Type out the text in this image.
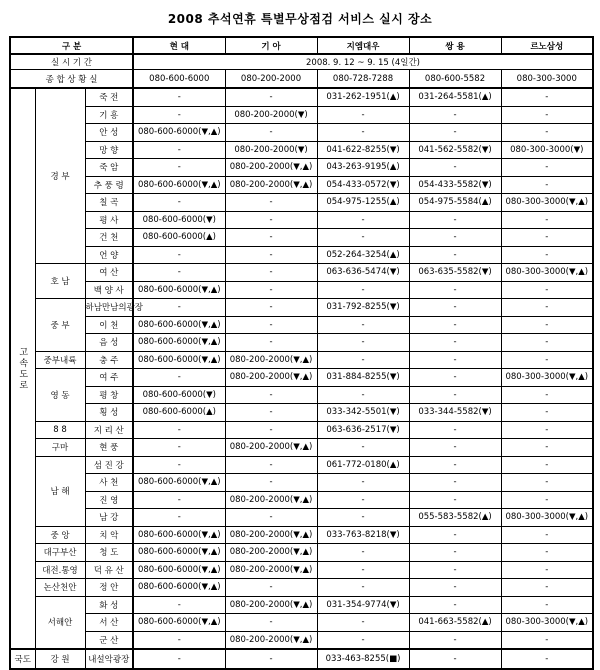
2008 추석연휴 특별무상점검 서비스 실시 장소
구 분			현 대	기 아	지엠대우	쌍 용	르노삼성
실 시 기 간			2008. 9. 12 ~ 9. 15 (4일간)				
종 합 상 황 실			080-600-6000	080-200-2000	080-728-7288	080-600-5582	080-300-3000
고속도로	경 부	죽 전	-	-	031-262-1951(▲)	031-264-5581(▲)	-
		기 흥	-	080-200-2000(▼)	-	-	-
		안 성	080-600-6000(▼,▲)	-	-	-	-
		망 향	-	080-200-2000(▼)	041-622-8255(▼)	041-562-5582(▼)	080-300-3000(▼)
		죽 암	-	080-200-2000(▼,▲)	043-263-9195(▲)	-	-
		추 풍 령	080-600-6000(▼,▲)	080-200-2000(▼,▲)	054-433-0572(▼)	054-433-5582(▼)	-
		칠 곡	-	-	054-975-1255(▲)	054-975-5584(▲)	080-300-3000(▼,▲)
		평 사	080-600-6000(▼)	-	-	-	-
		건 천	080-600-6000(▲)	-	-	-	-
		언 양	-	-	052-264-3254(▲)	-	-
	호 남	여 산	-	-	063-636-5474(▼)	063-635-5582(▼)	080-300-3000(▼,▲)
		백 양 사	080-600-6000(▼,▲)	-	-	-	-
	중 부	하남만남의광장	-	-	031-792-8255(▼)	-	-
		이 천	080-600-6000(▼,▲)	-	-	-	-
		음 성	080-600-6000(▼,▲)	-	-	-	-
	중부내륙	충 주	080-600-6000(▼,▲)	080-200-2000(▼,▲)	-	-	-
	영 동	여 주	-	080-200-2000(▼,▲)	031-884-8255(▼)	-	080-300-3000(▼,▲)
		평 창	080-600-6000(▼)	-	-	-	-
		횡 성	080-600-6000(▲)	-	033-342-5501(▼)	033-344-5582(▼)	-
	8 8	지 리 산	-	-	063-636-2517(▼)	-	-
	구마	현 풍	-	080-200-2000(▼,▲)	-	-	-
	남 해	섬 진 강	-	-	061-772-0180(▲)	-	-
		사 천	080-600-6000(▼,▲)	-	-	-	-
		진 영	-	080-200-2000(▼,▲)	-	-	-
		남 강	-	-	-	055-583-5582(▲)	080-300-3000(▼,▲)
	중 앙	치 악	080-600-6000(▼,▲)	080-200-2000(▼,▲)	033-763-8218(▼)	-	-
	대구부산	청 도	080-600-6000(▼,▲)	080-200-2000(▼,▲)	-	-	-
	대전.통영	덕 유 산	080-600-6000(▼,▲)	080-200-2000(▼,▲)	-	-	-
	논산천안	정 안	080-600-6000(▼,▲)	-	-	-	-
	서해안	화 성	-	080-200-2000(▼,▲)	031-354-9774(▼)	-	-
		서 산	080-600-6000(▼,▲)	-	-	041-663-5582(▲)	080-300-3000(▼,▲)
		군 산	-	080-200-2000(▼,▲)	-	-	-
국도	강 원	내설악광장	-	-	033-463-8255(■)	-	-
